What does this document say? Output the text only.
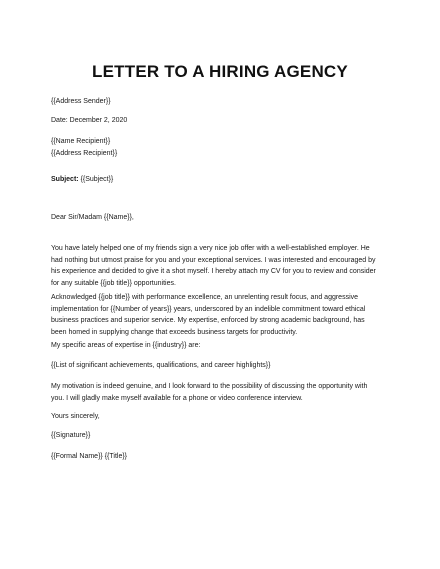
LETTER TO A HIRING AGENCY
{{Address Sender}}
Date: December 2, 2020
{{Name Recipient}}
{{Address Recipient}}
Subject: {{Subject}}
Dear Sir/Madam {{Name}},
You have lately helped one of my friends sign a very nice job offer with a well-established employer. He
had nothing but utmost praise for you and your exceptional services. I was interested and encouraged by
his experience and decided to give it a shot myself. I hereby attach my CV for you to review and consider
for any suitable {{job title}} opportunities.
Acknowledged {{job title}} with performance excellence, an unrelenting result focus, and aggressive
implementation for {{Number of years}} years, underscored by an indelible commitment toward ethical
business practices and superior service. My expertise, enforced by strong academic background, has
been homed in supplying change that exceeds business targets for productivity.
My specific areas of expertise in {{industry}} are:
{{List of significant achievements, qualifications, and career highlights}}
My motivation is indeed genuine, and I look forward to the possibility of discussing the opportunity with
you. I will gladly make myself available for a phone or video conference interview.
Yours sincerely,
{{Signature}}
{{Formal Name}} {{Title}}
